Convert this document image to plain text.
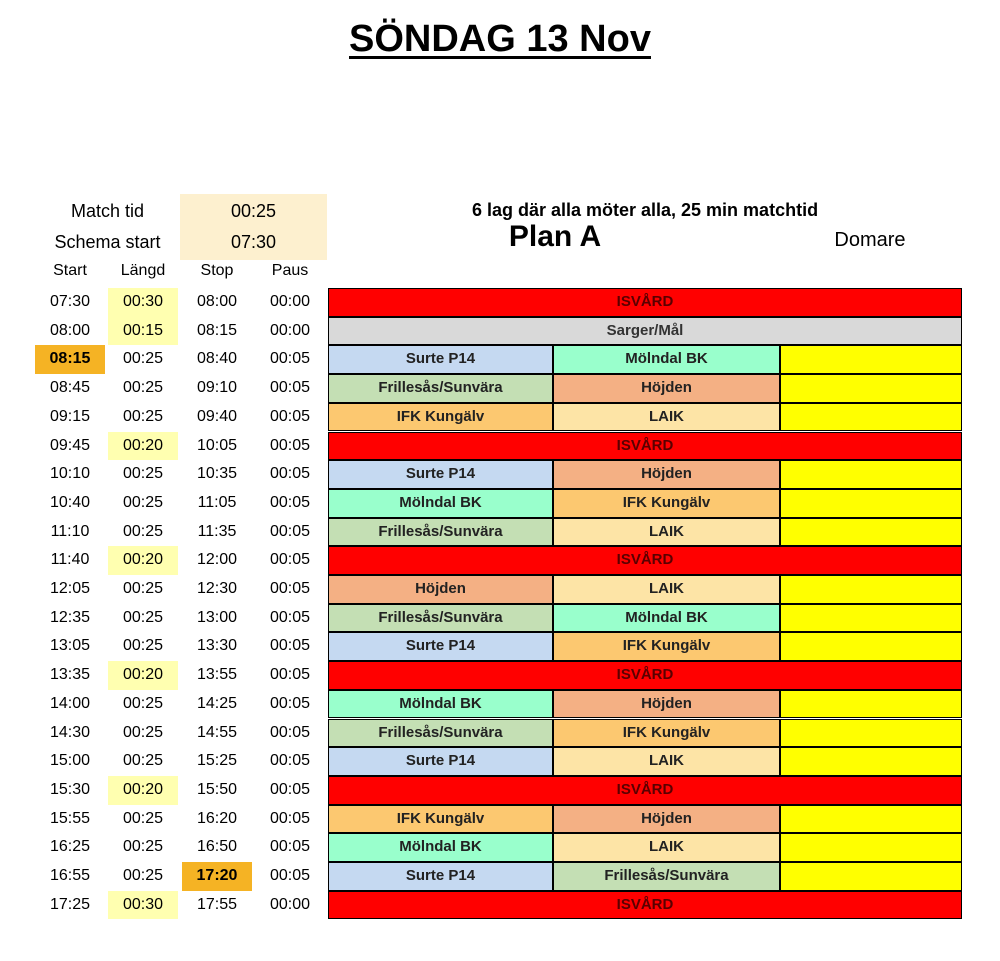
SÖNDAG 13 Nov
Match tid	00:25
Schema start	07:30
6 lag där alla möter alla, 25 min matchtid
Plan A	Domare
Start	Längd	Stop	Paus
07:30	00:30	08:00	00:00	ISVÅRD
08:00	00:15	08:15	00:00	Sarger/Mål
08:15	00:25	08:40	00:05	Surte P14	Mölndal BK
08:45	00:25	09:10	00:05	Frillesås/Sunvära	Höjden
09:15	00:25	09:40	00:05	IFK Kungälv	LAIK
09:45	00:20	10:05	00:05	ISVÅRD
10:10	00:25	10:35	00:05	Surte P14	Höjden
10:40	00:25	11:05	00:05	Mölndal BK	IFK Kungälv
11:10	00:25	11:35	00:05	Frillesås/Sunvära	LAIK
11:40	00:20	12:00	00:05	ISVÅRD
12:05	00:25	12:30	00:05	Höjden	LAIK
12:35	00:25	13:00	00:05	Frillesås/Sunvära	Mölndal BK
13:05	00:25	13:30	00:05	Surte P14	IFK Kungälv
13:35	00:20	13:55	00:05	ISVÅRD
14:00	00:25	14:25	00:05	Mölndal BK	Höjden
14:30	00:25	14:55	00:05	Frillesås/Sunvära	IFK Kungälv
15:00	00:25	15:25	00:05	Surte P14	LAIK
15:30	00:20	15:50	00:05	ISVÅRD
15:55	00:25	16:20	00:05	IFK Kungälv	Höjden
16:25	00:25	16:50	00:05	Mölndal BK	LAIK
16:55	00:25	17:20	00:05	Surte P14	Frillesås/Sunvära
17:25	00:30	17:55	00:00	ISVÅRD
